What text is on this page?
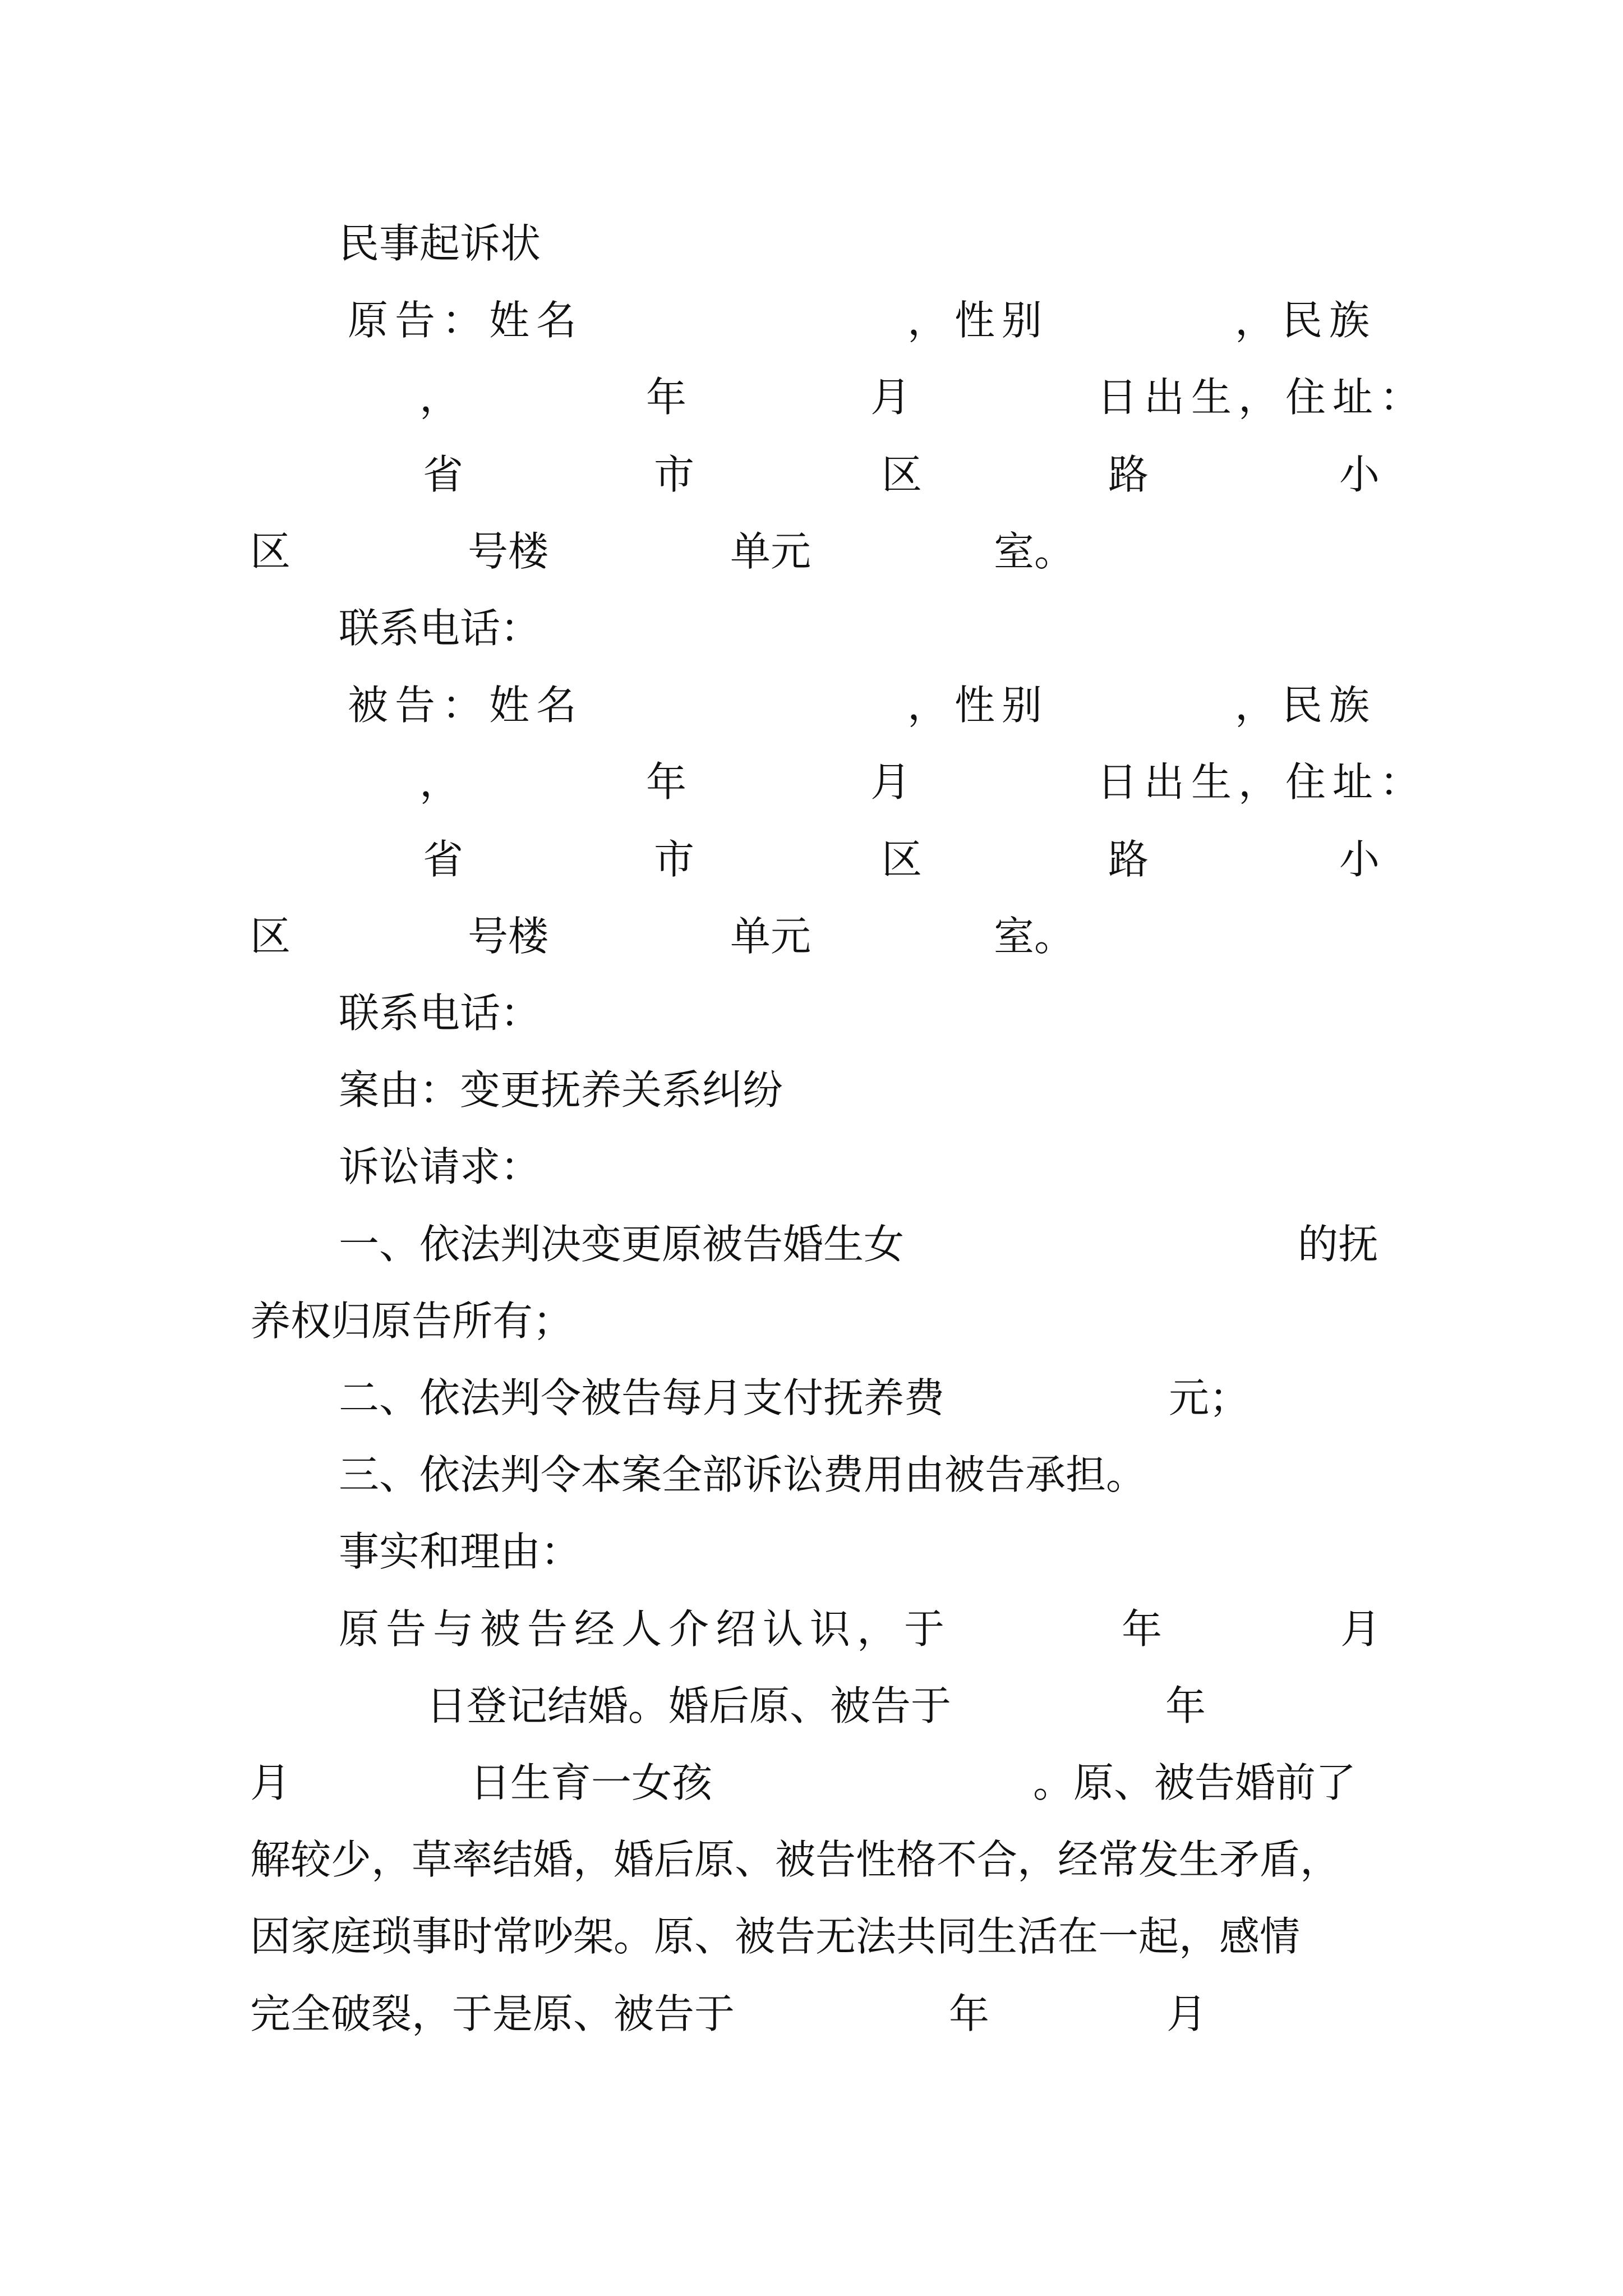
民事起诉状
原告：姓名	，性别	，民族
，	年	月	日出生，住址：
省	市	区	路	小
区	号楼	单元	室。
联系电话：
被告：姓名	，性别	，民族
，	年	月	日出生，住址：
省	市	区	路	小
区	号楼	单元	室。
联系电话：
案由：变更抚养关系纠纷
诉讼请求：
一、依法判决变更原被告婚生女	的抚
养权归原告所有；
二、依法判令被告每月支付抚养费	元；
三、依法判令本案全部诉讼费用由被告承担。
事实和理由：
原告与被告经人介绍认识，于	年	月
日登记结婚。婚后原、被告于	年
月	日生育一女孩	。原、被告婚前了
解较少，草率结婚，婚后原、被告性格不合，经常发生矛盾，
因家庭琐事时常吵架。原、被告无法共同生活在一起，感情
完全破裂，于是原、被告于	年	月
